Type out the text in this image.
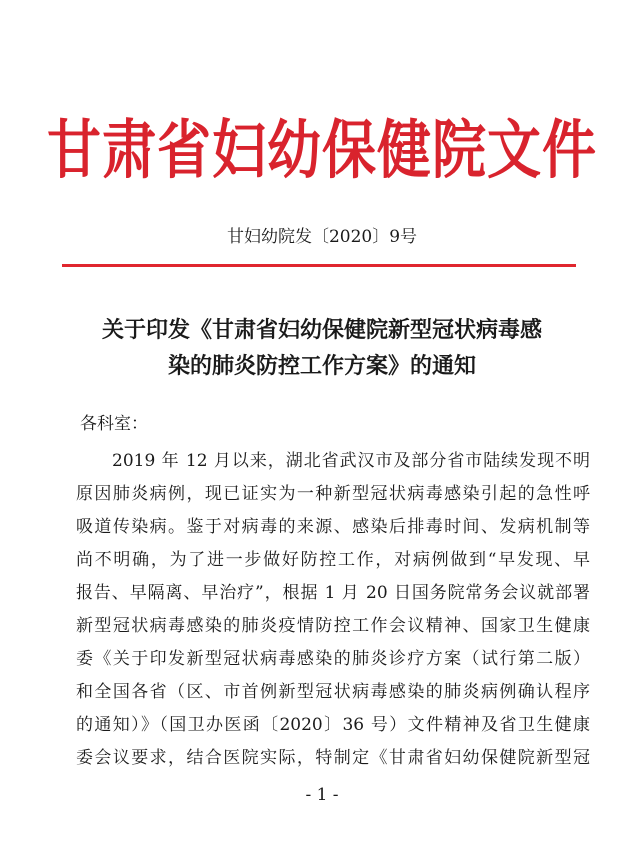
甘肃省妇幼保健院文件
甘妇幼院发〔2020〕9号
关于印发《甘肃省妇幼保健院新型冠状病毒感
染的肺炎防控工作方案》的通知
各科室：
2019 年 12 月以来，湖北省武汉市及部分省市陆续发现不明
原因肺炎病例，现已证实为一种新型冠状病毒感染引起的急性呼
吸道传染病。鉴于对病毒的来源、感染后排毒时间、发病机制等
尚不明确，为了进一步做好防控工作，对病例做到“早发现、早
报告、早隔离、早治疗”，根据 1 月 20 日国务院常务会议就部署
新型冠状病毒感染的肺炎疫情防控工作会议精神、国家卫生健康
委《关于印发新型冠状病毒感染的肺炎诊疗方案（试行第二版）
和全国各省（区、市首例新型冠状病毒感染的肺炎病例确认程序
的通知）》（国卫办医函〔2020〕36 号）文件精神及省卫生健康
委会议要求，结合医院实际，特制定《甘肃省妇幼保健院新型冠
- 1 -
